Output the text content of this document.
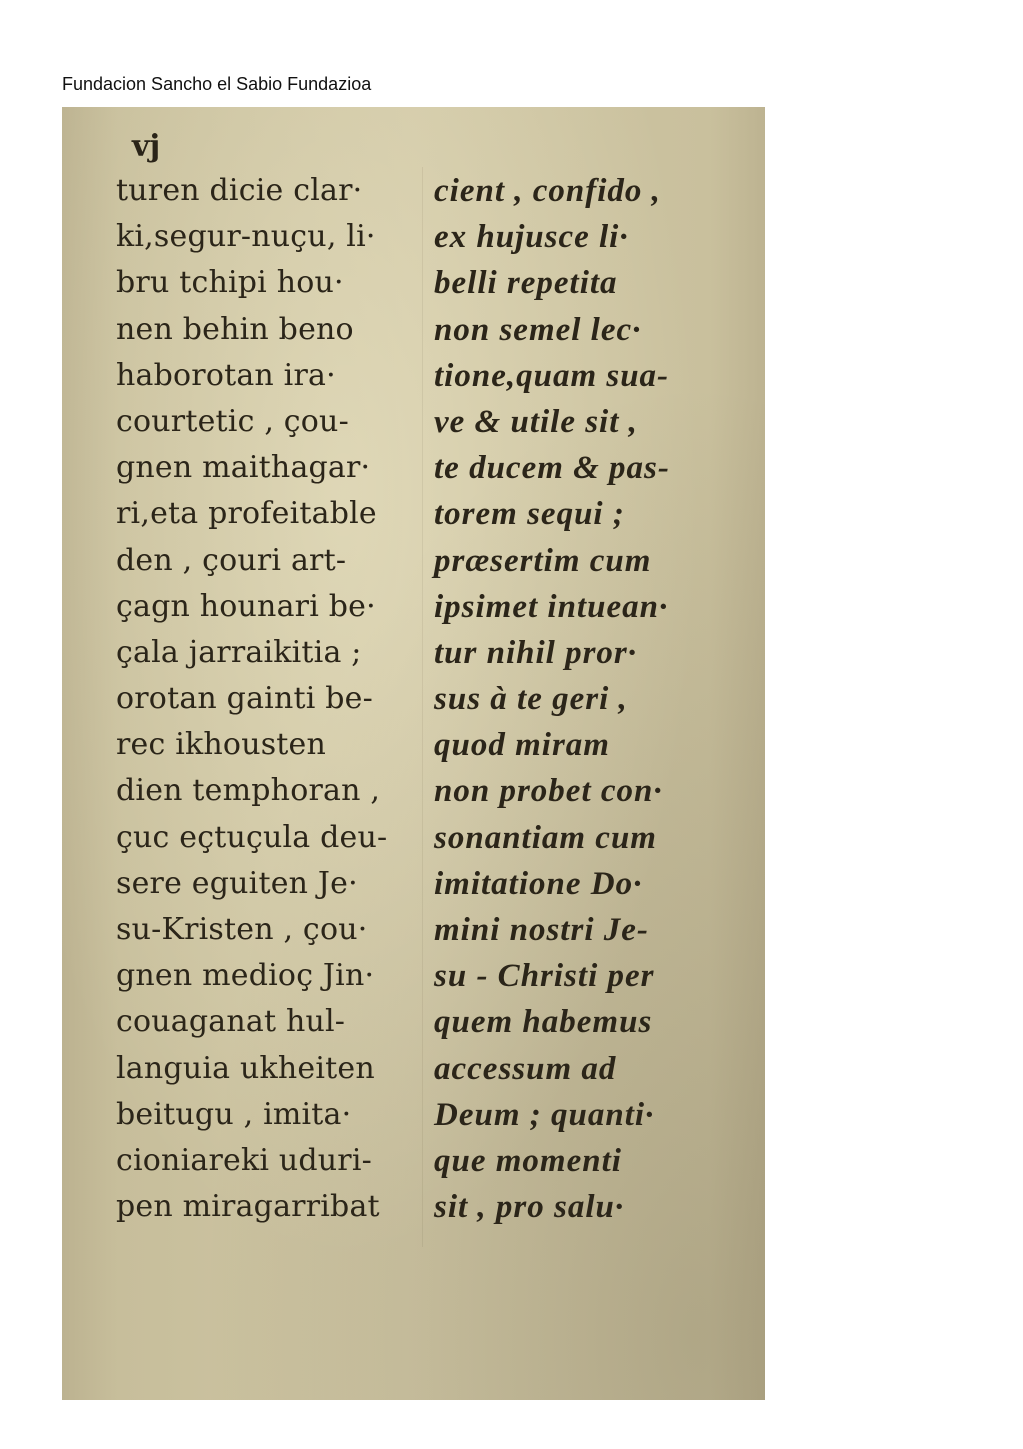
Fundacion Sancho el Sabio Fundazioa
vj
turen dicie clar·
ki,segur-nuçu, li·
bru tchipi hou·
nen behin beno
haborotan ira·
courtetic , çou-
gnen maithagar·
ri,eta profeitable
den , çouri art-
çagn hounari be·
çala jarraikitia ;
orotan gainti be-
rec ikhousten
dien temphoran ,
çuc eçtuçula deu-
sere eguiten Je·
su-Kristen , çou·
gnen medioç Jin·
couaganat hul-
languia ukheiten
beitugu , imita·
cioniareki uduri-
pen miragarribat
cient , confido ,
ex hujusce li·
belli repetita
non semel lec·
tione,quam sua-
ve & utile sit ,
te ducem & pas-
torem sequi ;
præsertim cum
ipsimet intuean·
tur nihil pror·
sus à te geri ,
quod miram
non probet con·
sonantiam cum
imitatione Do·
mini nostri Je-
su - Christi per
quem habemus
accessum ad
Deum ; quanti·
que momenti
sit , pro salu·
